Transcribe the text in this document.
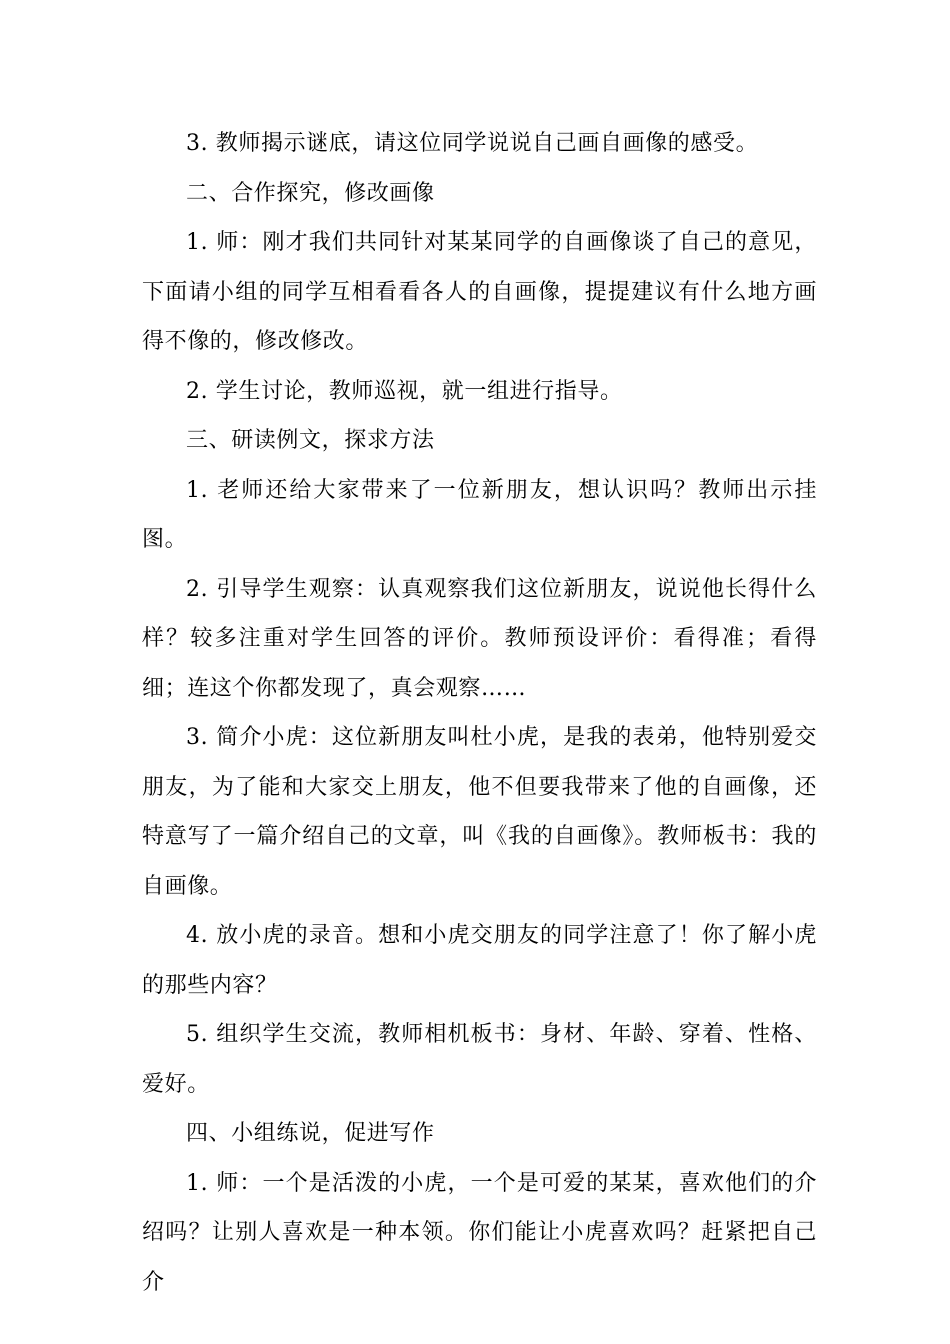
3. 教师揭示谜底，请这位同学说说自己画自画像的感受。

二、合作探究，修改画像

1. 师：刚才我们共同针对某某同学的自画像谈了自己的意见，下面请小组的同学互相看看各人的自画像，提提建议有什么地方画得不像的，修改修改。

2. 学生讨论，教师巡视，就一组进行指导。

三、研读例文，探求方法

1. 老师还给大家带来了一位新朋友，想认识吗？教师出示挂图。

2. 引导学生观察：认真观察我们这位新朋友，说说他长得什么样？较多注重对学生回答的评价。教师预设评价：看得准；看得细；连这个你都发现了，真会观察……

3. 简介小虎：这位新朋友叫杜小虎，是我的表弟，他特别爱交朋友，为了能和大家交上朋友，他不但要我带来了他的自画像，还特意写了一篇介绍自己的文章，叫《我的自画像》。教师板书：我的自画像。

4. 放小虎的录音。想和小虎交朋友的同学注意了！你了解小虎的那些内容？

5. 组织学生交流，教师相机板书：身材、年龄、穿着、性格、爱好。

四、小组练说，促进写作

1. 师：一个是活泼的小虎，一个是可爱的某某，喜欢他们的介绍吗？让别人喜欢是一种本领。你们能让小虎喜欢吗？赶紧把自己介
